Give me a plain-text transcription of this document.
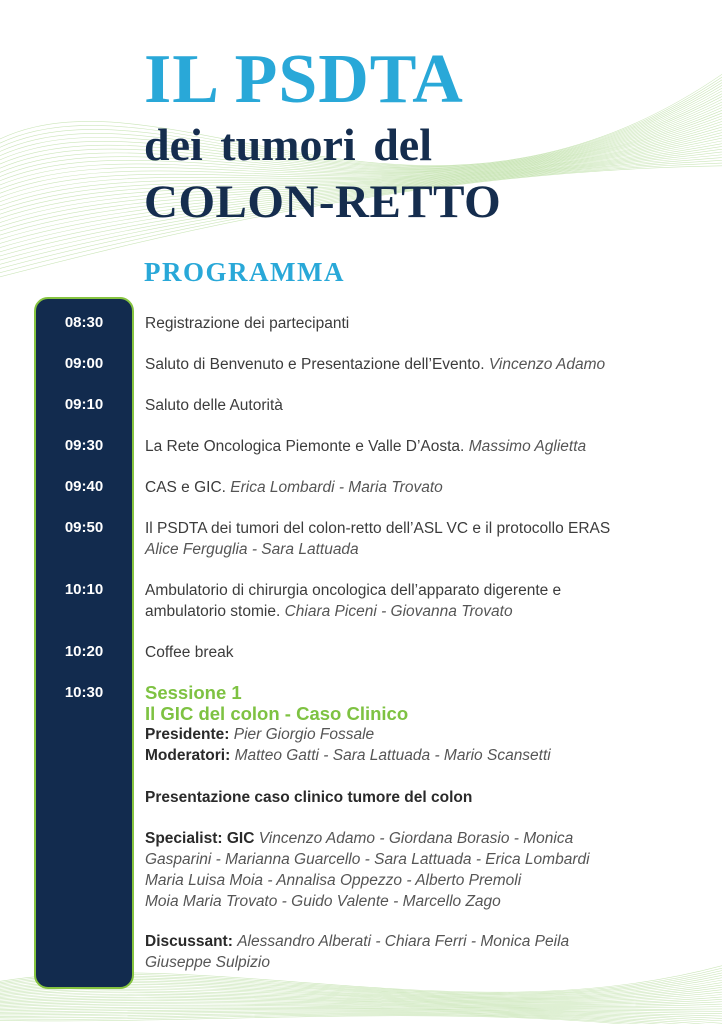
IL PSDTA
dei tumori del
COLON-RETTO
PROGRAMMA
08:30
09:00
09:10
09:30
09:40
09:50
10:10
10:20
10:30
Registrazione dei partecipanti
Saluto di Benvenuto e Presentazione dell’Evento. Vincenzo Adamo
Saluto delle Autorità
La Rete Oncologica Piemonte e Valle D’Aosta. Massimo Aglietta
CAS e GIC. Erica Lombardi - Maria Trovato
Il PSDTA dei tumori del colon-retto dell’ASL VC e il protocollo ERAS
Alice Ferguglia - Sara Lattuada
Ambulatorio di chirurgia oncologica dell’apparato digerente e
ambulatorio stomie. Chiara Piceni - Giovanna Trovato
Coffee break
Sessione 1
Il GIC del colon - Caso Clinico
Presidente: Pier Giorgio Fossale
Moderatori: Matteo Gatti - Sara Lattuada - Mario Scansetti
Presentazione caso clinico tumore del colon
Specialist: GIC Vincenzo Adamo - Giordana Borasio - Monica
Gasparini - Marianna Guarcello - Sara Lattuada - Erica Lombardi
Maria Luisa Moia - Annalisa Oppezzo - Alberto Premoli
Moia Maria Trovato - Guido Valente - Marcello Zago
Discussant: Alessandro Alberati - Chiara Ferri - Monica Peila
Giuseppe Sulpizio
